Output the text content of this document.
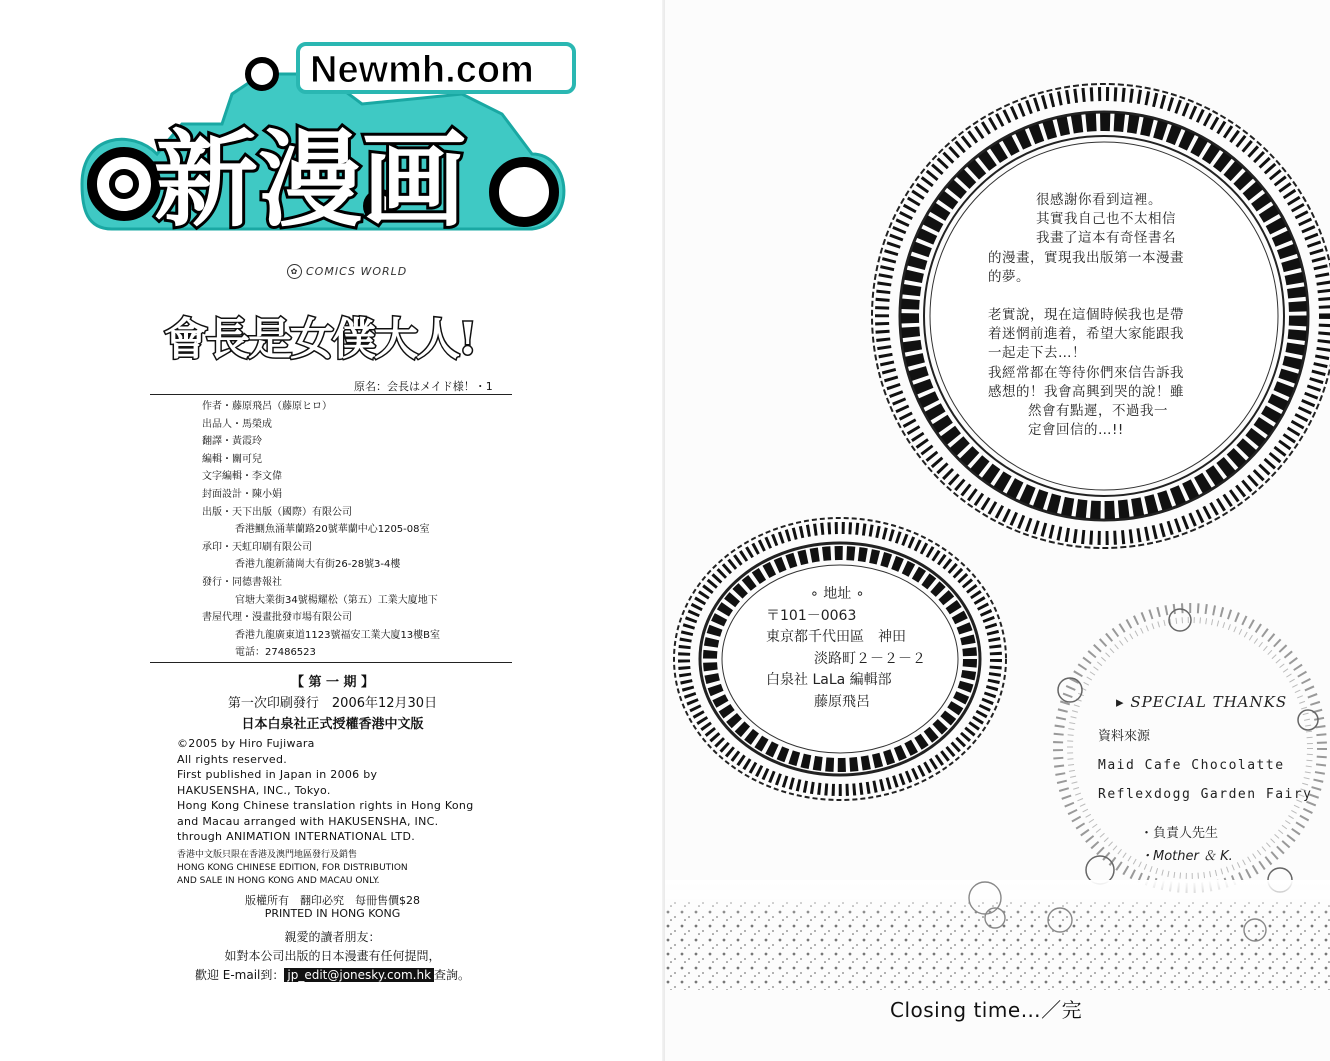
Newmh.com
新漫画
✿ COMICS WORLD
會長是女僕大人!
原名：会長はメイド様！・1
作者・藤原飛呂（藤原ヒロ）
出品人・馬榮成
翻譯・黃霞玲
編輯・關可兒
文字編輯・李文偉
封面設計・陳小娟
出版・天下出版（國際）有限公司
香港鰂魚涌華蘭路20號華蘭中心1205-08室
承印・天虹印刷有限公司
香港九龍新蒲崗大有街26-28號3-4樓
發行・同德書報社
官塘大業街34號楊耀松（第五）工業大廈地下
書屋代理・漫畫批發市場有限公司
香港九龍廣東道1123號福安工業大廈13樓B室
電話：27486523
【 第 一 期 】
第一次印刷發行　2006年12月30日
日本白泉社正式授權香港中文版
©2005 by Hiro Fujiwara
All rights reserved.
First published in Japan in 2006 by
HAKUSENSHA, INC., Tokyo.
Hong Kong Chinese translation rights in Hong Kong
and Macau arranged with HAKUSENSHA, INC.
through ANIMATION INTERNATIONAL LTD.
香港中文版只限在香港及澳門地區發行及銷售
HONG KONG CHINESE EDITION, FOR DISTRIBUTION
AND SALE IN HONG KONG AND MACAU ONLY.
版權所有　翻印必究　每冊售價$28
PRINTED IN HONG KONG
親愛的讀者朋友：
如對本公司出版的日本漫畫有任何提問，
歡迎 E-mail到： jp_edit@jonesky.com.hk 查詢。
很感謝你看到這裡。
其實我自己也不太相信
我畫了這本有奇怪書名
的漫畫，實現我出版第一本漫畫
的夢。
老實說，現在這個時候我也是帶
着迷惘前進着，希望大家能跟我
一起走下去…！
我經常都在等待你們來信告訴我
感想的！我會高興到哭的說！雖
然會有點遲，不過我一
定會回信的…!!
∘ 地址 ∘
〒101－0063
東京都千代田區　神田
淡路町２－２－２
白泉社 LaLa 編輯部
藤原飛呂	▸ SPECIAL THANKS
資料來源
Maid Cafe Chocolatte
Reflexdogg Garden Fairy
・負責人先生
・Mother ＆ K.
Closing time…／完
